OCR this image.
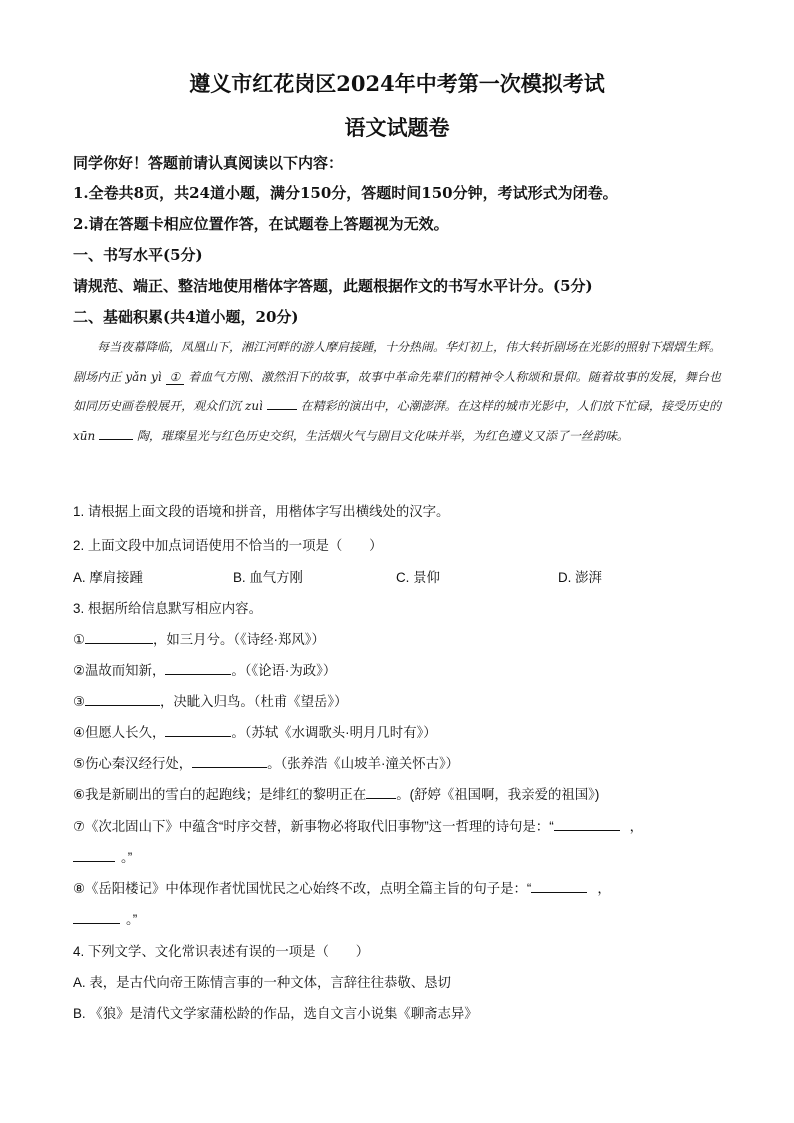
遵义市红花岗区2024年中考第一次模拟考试
语文试题卷
同学你好！答题前请认真阅读以下内容：
1.全卷共8页，共24道小题，满分150分，答题时间150分钟，考试形式为闭卷。
2.请在答题卡相应位置作答，在试题卷上答题视为无效。
一、书写水平(5分)
请规范、端正、整洁地使用楷体字答题，此题根据作文的书写水平计分。(5分)
二、基础积累(共4道小题，20分)

每当夜幕降临，凤凰山下，湘江河畔的游人摩肩接踵，十分热闹。华灯初上，伟大转折剧场在光影的照射下熠熠生辉。剧场内正 yǎn yì ① 着血气方刚、激然泪下的故事，故事中革命先辈们的精神令人称颂和景仰。随着故事的发展，舞台也如同历史画卷般展开，观众们沉 zuì	在精彩的演出中，心潮澎湃。在这样的城市光影中，人们放下忙碌，接受历史的 xūn	陶，璀璨星光与红色历史交织，生活烟火气与剧目文化味并举，为红色遵义又添了一丝韵味。

1. 请根据上面文段的语境和拼音，用楷体字写出横线处的汉字。
2. 上面文段中加点词语使用不恰当的一项是（　　）
A. 摩肩接踵	B. 血气方刚	C. 景仰	D. 澎湃
3. 根据所给信息默写相应内容。
①	，如三月兮。（《诗经·郑风》）
②温故而知新，	。（《论语·为政》）
③	，决眦入归鸟。（杜甫《望岳》）
④但愿人长久，	。（苏轼《水调歌头·明月几时有》）
⑤伤心秦汉经行处，	。（张养浩《山坡羊·潼关怀古》）
⑥我是新刷出的雪白的起跑线；是绯红的黎明正在 。(舒婷《祖国啊，我亲爱的祖国》)
⑦《次北固山下》中蕴含“时序交替，新事物必将取代旧事物”这一哲理的诗句是：“	，
。”
⑧《岳阳楼记》中体现作者忧国忧民之心始终不改，点明全篇主旨的句子是：“	，
。”
4. 下列文学、文化常识表述有误的一项是（　　）
A. 表，是古代向帝王陈情言事的一种文体，言辞往往恭敬、恳切
B. 《狼》是清代文学家蒲松龄的作品，选自文言小说集《聊斋志异》
